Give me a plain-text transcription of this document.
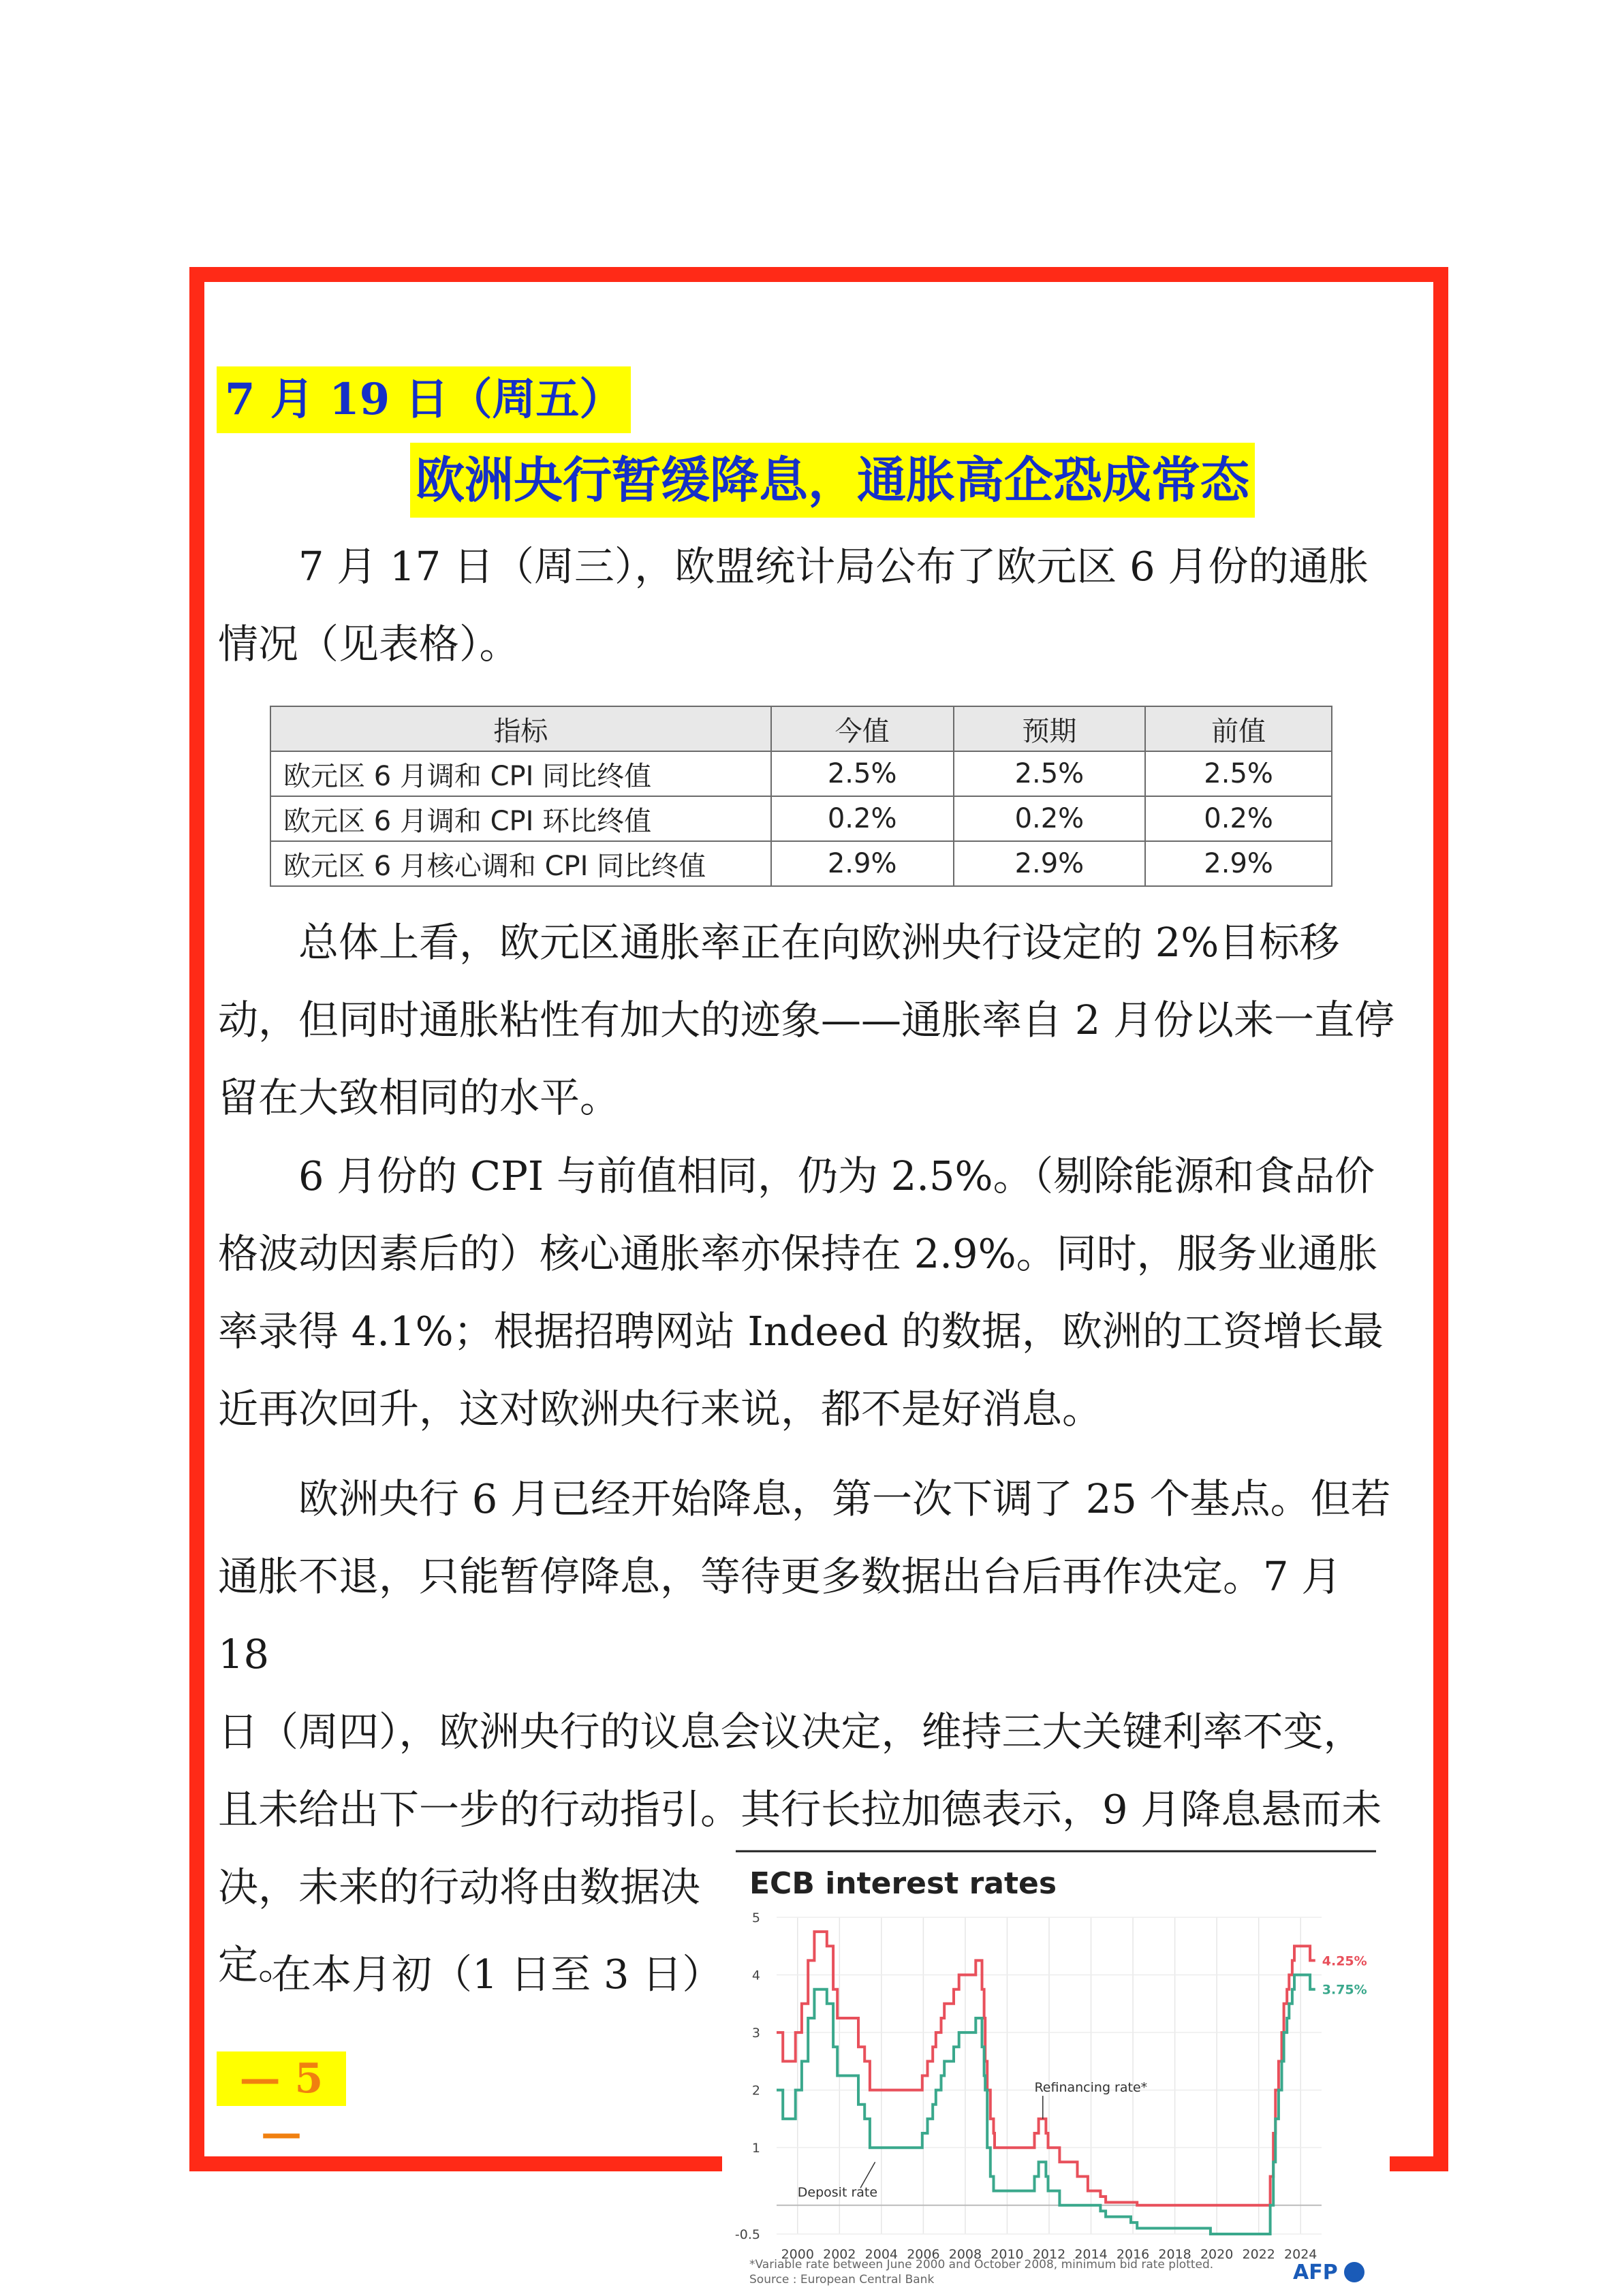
7 月 19 日（周五）
欧洲央行暂缓降息，通胀高企恐成常态

7 月 17 日（周三），欧盟统计局公布了欧元区 6 月份的通胀情况（见表格）。

指标	今值	预期	前值
欧元区 6 月调和 CPI 同比终值	2.5%	2.5%	2.5%
欧元区 6 月调和 CPI 环比终值	0.2%	0.2%	0.2%
欧元区 6 月核心调和 CPI 同比终值	2.9%	2.9%	2.9%

总体上看，欧元区通胀率正在向欧洲央行设定的 2%目标移动，但同时通胀粘性有加大的迹象——通胀率自 2 月份以来一直停留在大致相同的水平。

6 月份的 CPI 与前值相同，仍为 2.5%。（剔除能源和食品价格波动因素后的）核心通胀率亦保持在 2.9%。同时，服务业通胀率录得 4.1%；根据招聘网站 Indeed 的数据，欧洲的工资增长最近再次回升，这对欧洲央行来说，都不是好消息。

欧洲央行 6 月已经开始降息，第一次下调了 25 个基点。但若
通胀不退，只能暂停降息，等待更多数据出台后再作决定。7 月 18
日（周四），欧洲央行的议息会议决定，维持三大关键利率不变，
且未给出下一步的行动指引。其行长拉加德表示，9 月降息悬而未
决，未来的行动将由数据决
定。

在本月初（1 日至 3 日）

— 5 —
ECB interest rates
2000 2002 2004 2006 2008 2010 2012 2014 2016 2018 2020 2022 2024
5
4
3
2
1
-0.5
4.25%
3.75%
Refinancing rate*
Deposit rate
*Variable rate between June 2000 and October 2008, minimum bid rate plotted.
Source : European Central Bank	AFP
